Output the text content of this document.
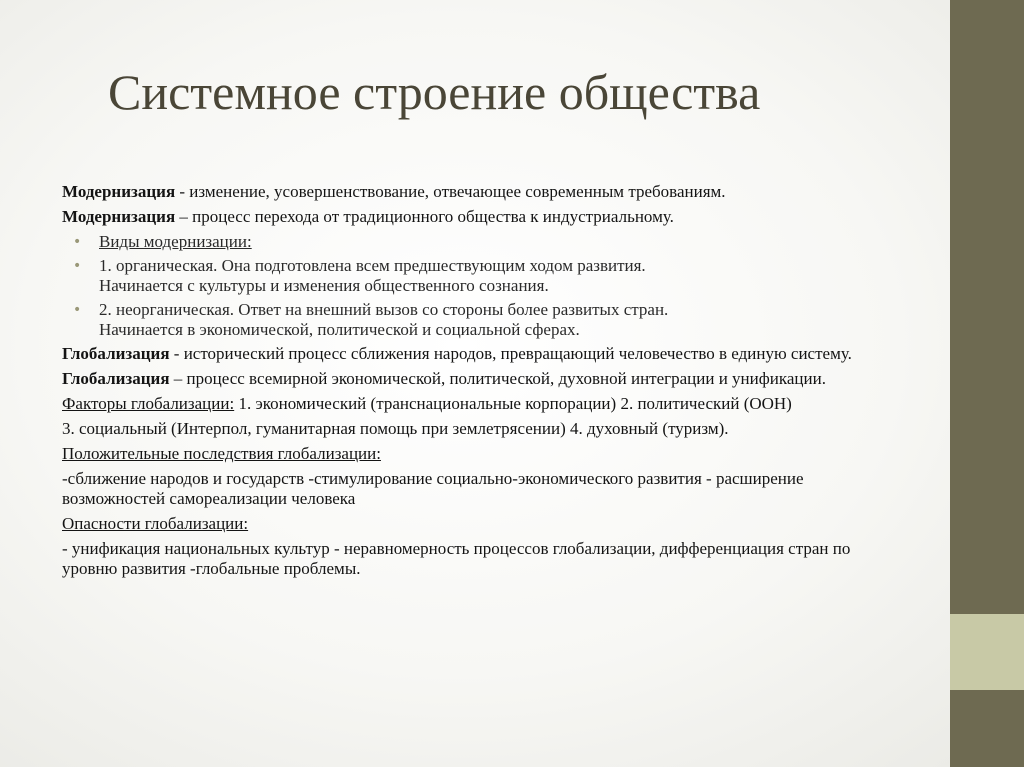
Системное строение общества

Модернизация - изменение, усовершенствование, отвечающее современным требованиям.

Модернизация – процесс перехода от традиционного общества к индустриальному.

• Виды модернизации:
• 1. органическая. Она подготовлена всем предшествующим ходом развития.
Начинается с культуры и изменения общественного сознания.
• 2. неорганическая. Ответ на внешний вызов со стороны более развитых стран.
Начинается в экономической, политической и социальной сферах.

Глобализация - исторический процесс сближения народов, превращающий человечество в единую систему.

Глобализация – процесс всемирной экономической, политической, духовной интеграции и унификации.

Факторы глобализации: 1. экономический (транснациональные корпорации) 2. политический (ООН)

3. социальный (Интерпол, гуманитарная помощь при землетрясении) 4. духовный (туризм).

Положительные последствия глобализации:

-сближение народов и государств -стимулирование социально-экономического развития - расширение возможностей самореализации человека

Опасности глобализации:

- унификация национальных культур - неравномерность процессов глобализации, дифференциация стран по уровню развития -глобальные проблемы.
